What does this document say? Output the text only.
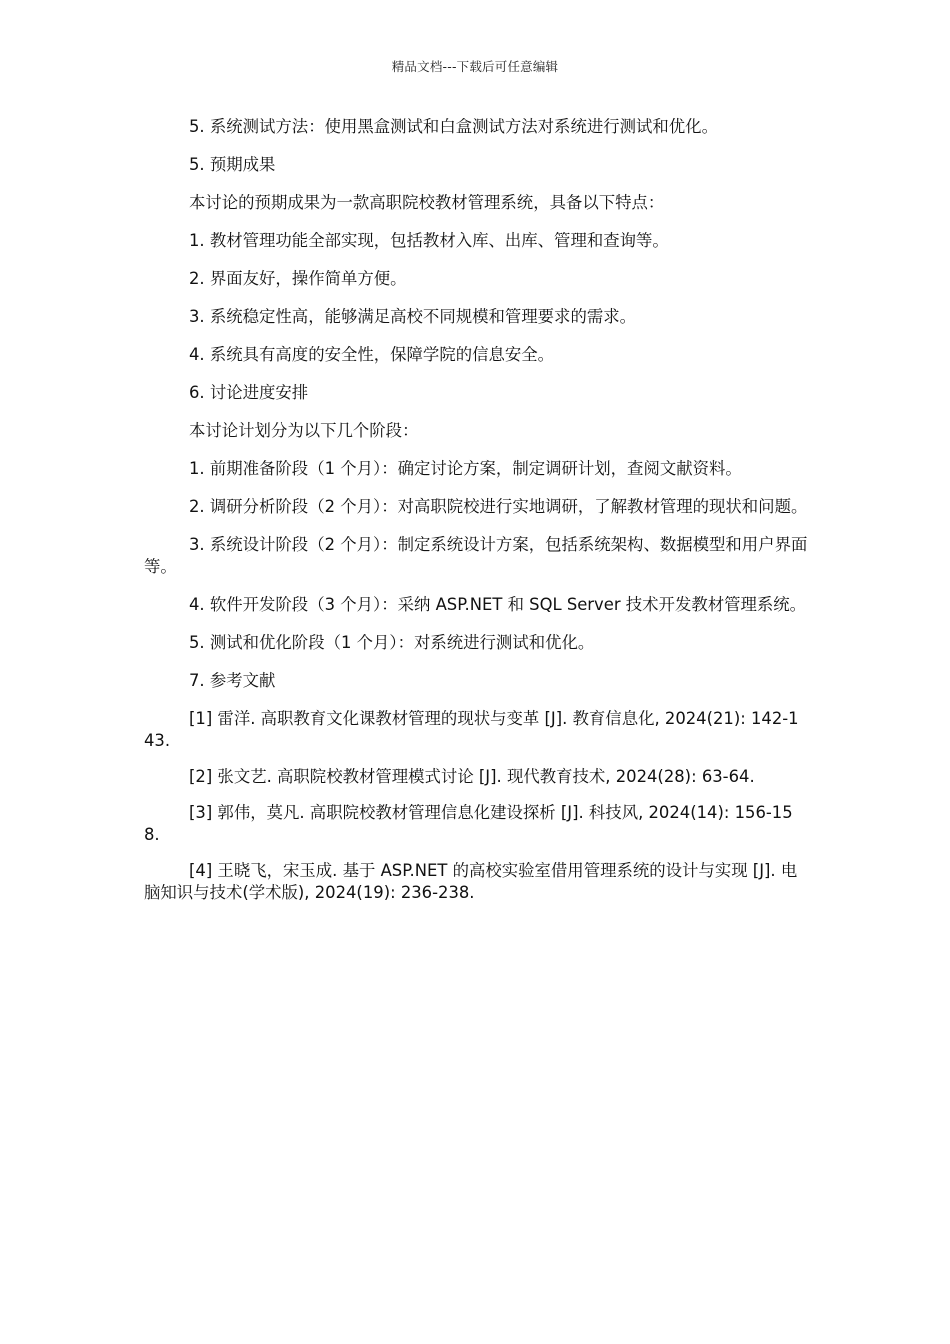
精品文档---下载后可任意编辑

5. 系统测试方法：使用黑盒测试和白盒测试方法对系统进行测试和优化。

5. 预期成果

本讨论的预期成果为一款高职院校教材管理系统，具备以下特点：

1. 教材管理功能全部实现，包括教材入库、出库、管理和查询等。

2. 界面友好，操作简单方便。

3. 系统稳定性高，能够满足高校不同规模和管理要求的需求。

4. 系统具有高度的安全性，保障学院的信息安全。

6. 讨论进度安排

本讨论计划分为以下几个阶段：

1. 前期准备阶段（1 个月）：确定讨论方案，制定调研计划，查阅文献资料。

2. 调研分析阶段（2 个月）：对高职院校进行实地调研，了解教材管理的现状和问题。

3. 系统设计阶段（2 个月）：制定系统设计方案，包括系统架构、数据模型和用户界面等。

4. 软件开发阶段（3 个月）：采纳 ASP.NET 和 SQL Server 技术开发教材管理系统。

5. 测试和优化阶段（1 个月）：对系统进行测试和优化。

7. 参考文献

[1] 雷洋. 高职教育文化课教材管理的现状与变革 [J]. 教育信息化, 2024(21): 142-143.

[2] 张文艺. 高职院校教材管理模式讨论 [J]. 现代教育技术, 2024(28): 63-64.

[3] 郭伟，莫凡. 高职院校教材管理信息化建设探析 [J]. 科技风, 2024(14): 156-158.

[4] 王晓飞，宋玉成. 基于 ASP.NET 的高校实验室借用管理系统的设计与实现 [J]. 电脑知识与技术(学术版), 2024(19): 236-238.
